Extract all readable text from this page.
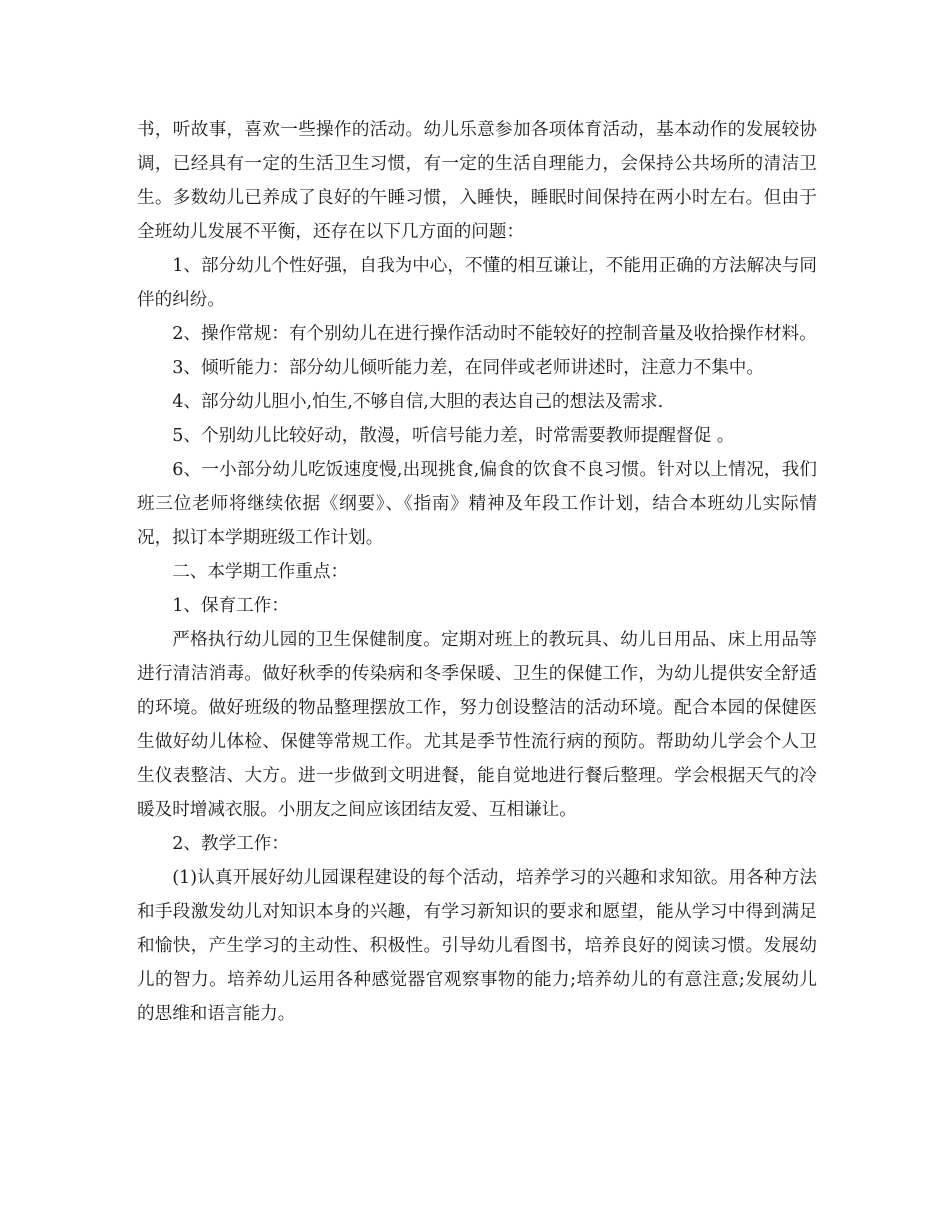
书，听故事，喜欢一些操作的活动。幼儿乐意参加各项体育活动，基本动作的发展较协调，已经具有一定的生活卫生习惯，有一定的生活自理能力，会保持公共场所的清洁卫生。多数幼儿已养成了良好的午睡习惯，入睡快，睡眠时间保持在两小时左右。但由于全班幼儿发展不平衡，还存在以下几方面的问题：

1、部分幼儿个性好强，自我为中心，不懂的相互谦让，不能用正确的方法解决与同伴的纠纷。

2、操作常规：有个别幼儿在进行操作活动时不能较好的控制音量及收拾操作材料。

3、倾听能力：部分幼儿倾听能力差，在同伴或老师讲述时，注意力不集中。

4、部分幼儿胆小,怕生,不够自信,大胆的表达自己的想法及需求.

5、个别幼儿比较好动，散漫，听信号能力差，时常需要教师提醒督促 。

6、一小部分幼儿吃饭速度慢,出现挑食,偏食的饮食不良习惯。针对以上情况，我们班三位老师将继续依据《纲要》、《指南》精神及年段工作计划，结合本班幼儿实际情况，拟订本学期班级工作计划。

二、本学期工作重点：

1、保育工作：

严格执行幼儿园的卫生保健制度。定期对班上的教玩具、幼儿日用品、床上用品等进行清洁消毒。做好秋季的传染病和冬季保暖、卫生的保健工作，为幼儿提供安全舒适的环境。做好班级的物品整理摆放工作，努力创设整洁的活动环境。配合本园的保健医生做好幼儿体检、保健等常规工作。尤其是季节性流行病的预防。帮助幼儿学会个人卫生仪表整洁、大方。进一步做到文明进餐，能自觉地进行餐后整理。学会根据天气的冷暖及时增减衣服。小朋友之间应该团结友爱、互相谦让。

2、教学工作：

(1)认真开展好幼儿园课程建设的每个活动，培养学习的兴趣和求知欲。用各种方法和手段激发幼儿对知识本身的兴趣，有学习新知识的要求和愿望，能从学习中得到满足和愉快，产生学习的主动性、积极性。引导幼儿看图书，培养良好的阅读习惯。发展幼儿的智力。培养幼儿运用各种感觉器官观察事物的能力;培养幼儿的有意注意;发展幼儿的思维和语言能力。
